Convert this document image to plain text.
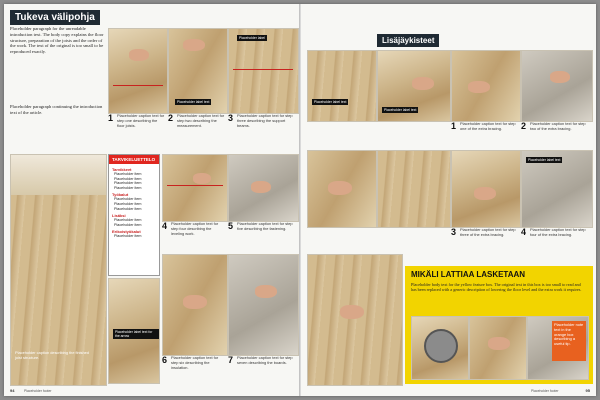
Tukeva välipohja
Placeholder paragraph for the unreadable introduction text. The body copy explains the floor structure, preparation of the joists and the order of the work. The text of the original is too small to be reproduced exactly.
Placeholder paragraph continuing the introduction text of the article.
Placeholder label text
Placeholder label
1 Placeholder caption text for step one describing the floor joists.
2 Placeholder caption text for step two describing the measurement.
3 Placeholder caption text for step three describing the support beams.
TARVIKELUETTELO
Tarvikkeet
Placeholder item
Placeholder item
Placeholder item
Placeholder item
Työkalut
Placeholder item
Placeholder item
Placeholder item
Lisäksi
Placeholder item
Placeholder item
Erikoistyökalut
Placeholder item
4 Placeholder caption text for step four describing the leveling work.
5 Placeholder caption text for step five describing the fastening.
Placeholder caption describing the finished joist structure.
Placeholder label text for the arrow
6 Placeholder caption text for step six describing the insulation.
7 Placeholder caption text for step seven describing the boards.
94	Placeholder footer
Lisäjäykisteet
Placeholder label text
Placeholder label text
1 Placeholder caption text for step one of the extra bracing.	2 Placeholder caption text for step two of the extra bracing.
Placeholder label text
3 Placeholder caption text for step three of the extra bracing.	4 Placeholder caption text for step four of the extra bracing.
MIKÄLI LATTIAA LASKETAAN
Placeholder body text for the yellow feature box. The original text in this box is too small to read and has been replaced with a generic description of lowering the floor level and the extra work it requires.
Placeholder note text in the orange box describing a useful tip.
Placeholder footer	95
